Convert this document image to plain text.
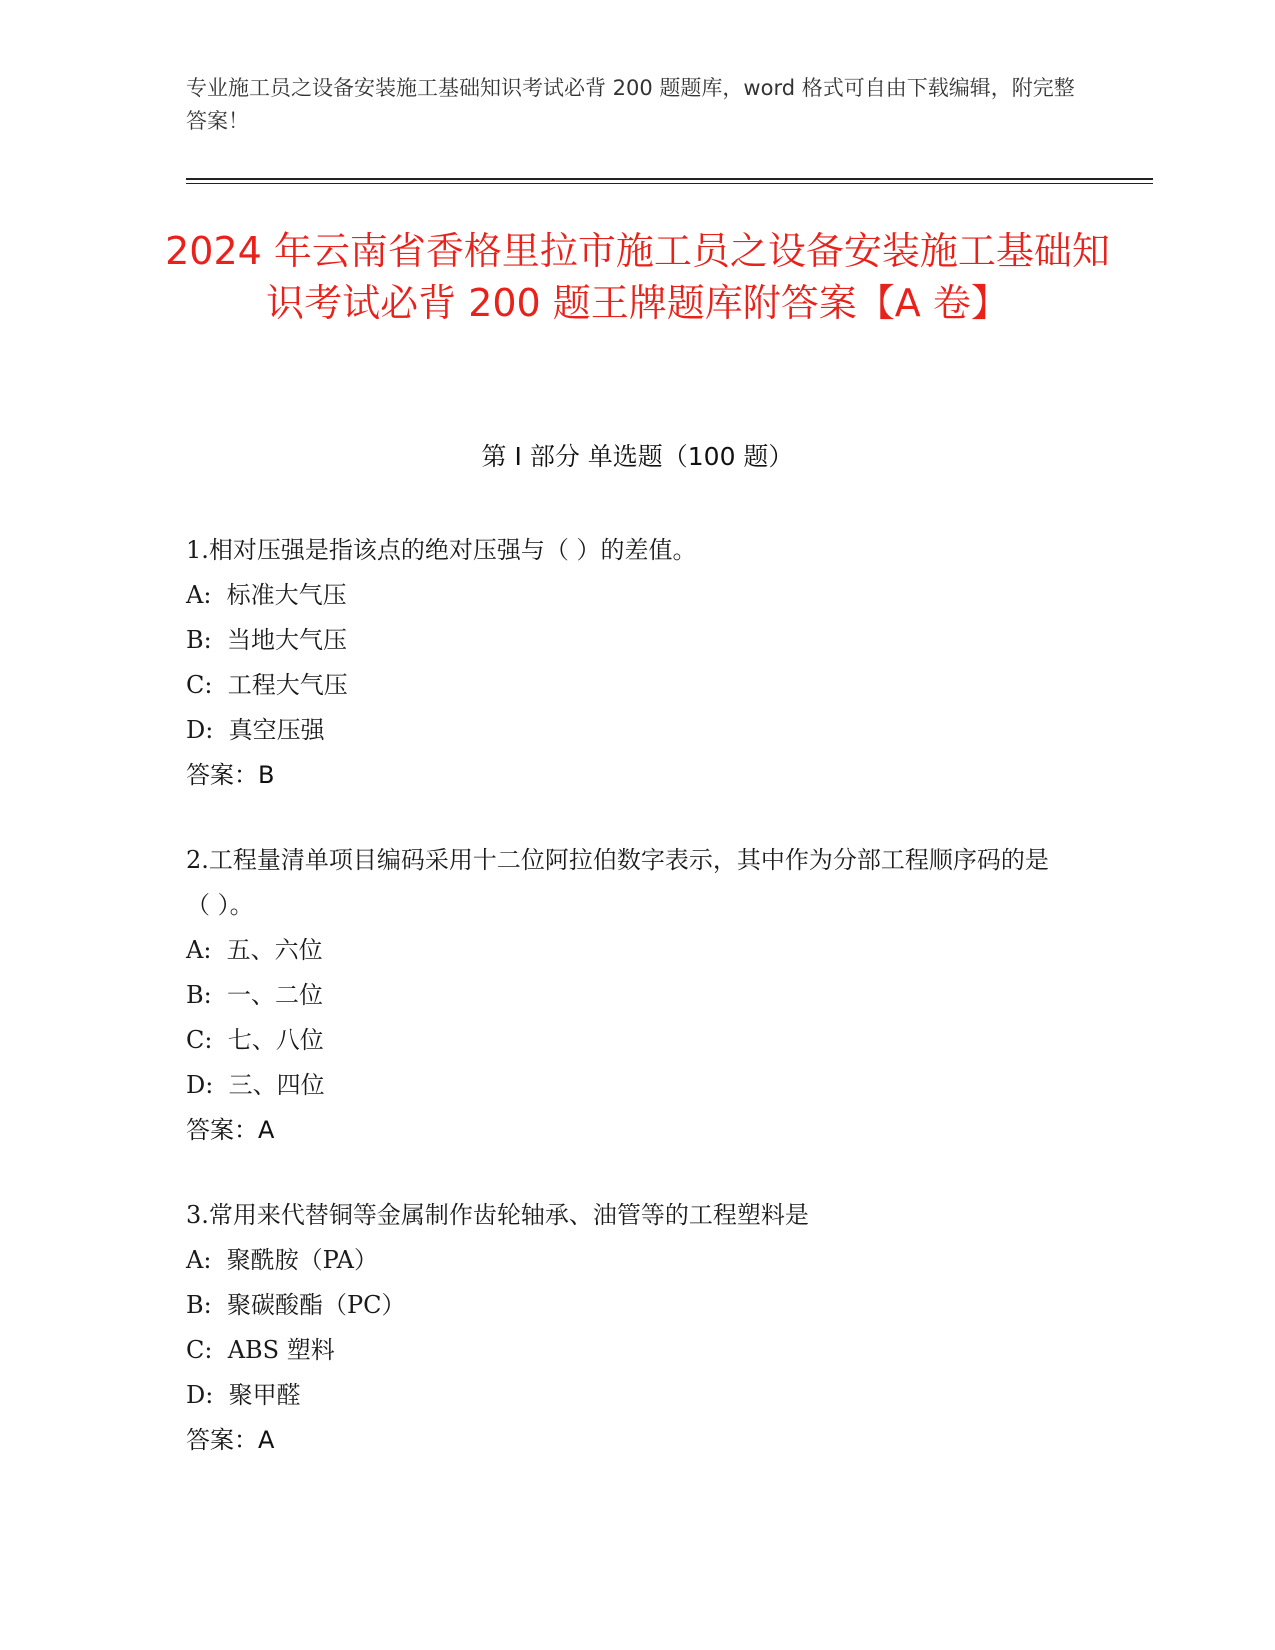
专业施工员之设备安装施工基础知识考试必背 200 题题库，word 格式可自由下载编辑，附完整答案！
2024 年云南省香格里拉市施工员之设备安装施工基础知识考试必背 200 题王牌题库附答案【A 卷】
第 I 部分 单选题（100 题）

1.相对压强是指该点的绝对压强与（ ）的差值。

A:  标准大气压

B:  当地大气压

C:  工程大气压

D:  真空压强

答案：B

2.工程量清单项目编码采用十二位阿拉伯数字表示，其中作为分部工程顺序码的是（ ）。

A:  五、六位

B:  一、二位

C:  七、八位

D:  三、四位

答案：A

3.常用来代替铜等金属制作齿轮轴承、油管等的工程塑料是

A:  聚酰胺（PA）

B:  聚碳酸酯（PC）

C:  ABS 塑料

D:  聚甲醛

答案：A
